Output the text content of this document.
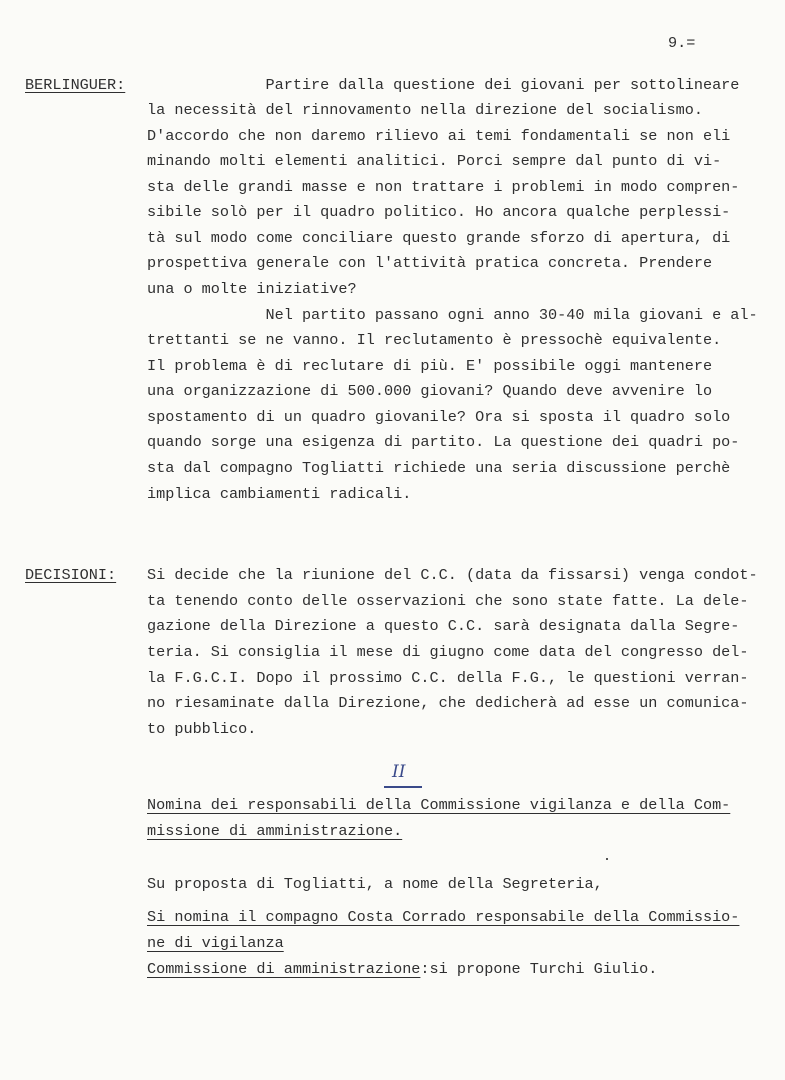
9.=
BERLINGUER: Partire dalla questione dei giovani per sottolineare
la necessità del rinnovamento nella direzione del socialismo.
D'accordo che non daremo rilievo ai temi fondamentali se non eli
minando molti elementi analitici. Porci sempre dal punto di vi-
sta delle grandi masse e non trattare i problemi in modo compren-
sibile solò per il quadro politico. Ho ancora qualche perplessi-
tà sul modo come conciliare questo grande sforzo di apertura, di
prospettiva generale con l'attività pratica concreta. Prendere
una o molte iniziative?
Nel partito passano ogni anno 30-40 mila giovani e al-
trettanti se ne vanno. Il reclutamento è pressochè equivalente.
Il problema è di reclutare di più. E' possibile oggi mantenere
una organizzazione di 500.000 giovani? Quando deve avvenire lo
spostamento di un quadro giovanile? Ora si sposta il quadro solo
quando sorge una esigenza di partito. La questione dei quadri po-
sta dal compagno Togliatti richiede una seria discussione perchè
implica cambiamenti radicali.
DECISIONI: Si decide che la riunione del C.C. (data da fissarsi) venga condot-
ta tenendo conto delle osservazioni che sono state fatte. La dele-
gazione della Direzione a questo C.C. sarà designata dalla Segre-
teria. Si consiglia il mese di giugno come data del congresso del-
la F.G.C.I. Dopo il prossimo C.C. della F.G., le questioni verran-
no riesaminate dalla Direzione, che dedicherà ad esse un comunica-
to pubblico.
II
Nomina dei responsabili della Commissione vigilanza e della Com-
missione di amministrazione.
Su proposta di Togliatti, a nome della Segreteria,
Si nomina il compagno Costa Corrado responsabile della Commissio-
ne di vigilanza
Commissione di amministrazione:si propone Turchi Giulio.
